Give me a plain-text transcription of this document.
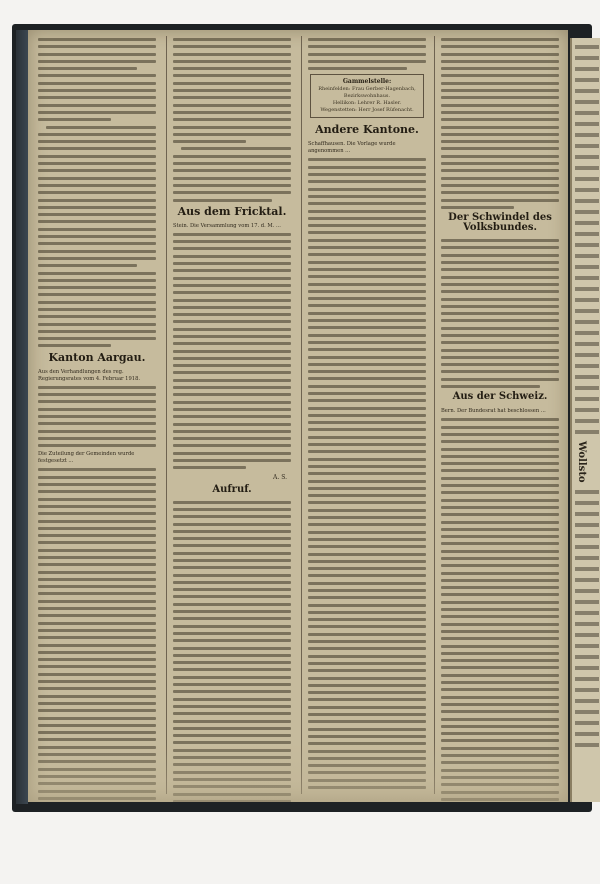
Kanton Aargau.
Aus den Verhandlungen des reg. Regierungsrates vom 4. Februar 1918.
Die Zuteilung der Gemeinden wurde festgesetzt ...
Aus dem Fricktal.
Stein. Die Versammlung vom 17. d. M. ...
A. S.
Aufruf.
Gammelstelle:
Rheinfelden: Frau Gerber-Hagenbach,
Bezirkswohnhaus.
Hellikon: Lehrer R. Hasler.
Wegenstetten: Herr Josef Rüfenacht.
Andere Kantone.
Schaffhausen. Die Vorlage wurde angenommen ...
Der Schwindel des Volksbundes.
Aus der Schweiz.
Bern. Der Bundesrat hat beschlossen ...
Wollsto
